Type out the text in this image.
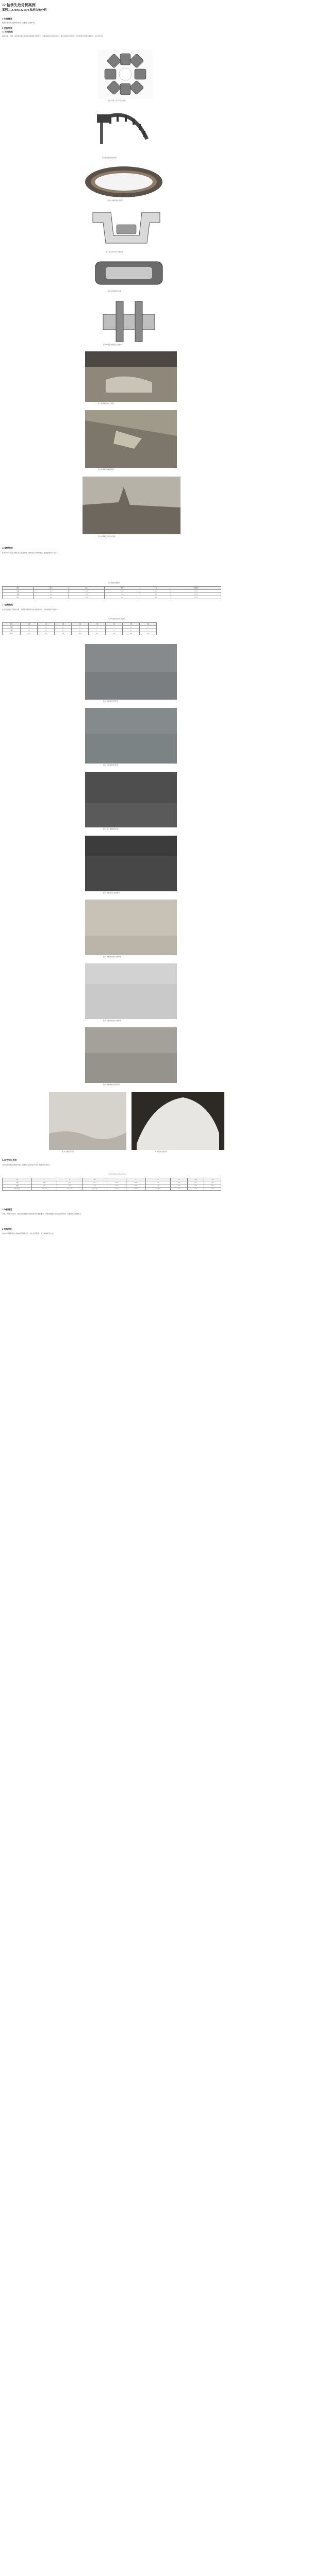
12 轴承失效分析案例
案例二 AJ0065324370 轴承失效分析
1 失效概述
轴承在使用中出现断裂现象，需要进行失效分析。
2 检验结果
2.1 宏观检验
轴承外圈、内圈、保持架及滚动体的宏观形貌如下图所示，外圈滚道存在剥落及裂纹，断口呈疲劳扩展特征，裂纹起源于滚道表面附近，向心部扩展。
图 1 外圈、滚子的宏观形貌
图 2 保持架的宏观形貌
图 3 外圈滚道宏观形貌
图 4 保持架与滚子宏观形貌
图 5 保持架断口形貌
图 6 外圈滚道剥落区宏观形貌
图 7 外圈剥落区放大形貌
图 8 外圈剥落区截面形貌
图 9 外圈裂纹附近区域形貌
2.2 硬度检验
在HR-150A 型洛氏硬度计上测量外圈、内圈和滚动体的硬度，检测结果如下表所示。
表 1 硬度检测结果
部位	测点1	测点2	测点3	平均	标准要求
外圈	61.5	61.3	61.7	61.5	60~64
内圈	61.2	61.5	61.0	61.2	60~64
滚子	62.0	62.3	62.1	62.1	61~65
2.3 金相检验
在光学显微镜下观察外圈、内圈的显微组织及非金属夹杂物，评级结果如下表所示。
表 2 非金属夹杂物评级结果
部位	A细	A粗	B细	B粗	C细	C粗	D细	D粗
外圈	1.0	0.5	0.5	0	0	0	0.5	0
内圈	1.0	0.5	0.5	0	0	0	0.5	0
标准	≤2.5	≤1.5	≤2.0	≤1.0	≤0.5	≤0.5	≤1.0	≤1.0
图 10 外圈显微组织形貌
图 11 内圈显微组织形貌
图 12 滚子显微组织形貌
图 13 外圈剥落区截面组织
图 14 外圈非金属夹杂物形貌
图 15 内圈非金属夹杂物形貌
图 16 外圈渗碳层组织形貌
图 17 外圈裂纹形貌	图 18 裂纹尖端形貌
2.4 化学成分检验
采用直读光谱仪对轴承外圈、内圈进行化学成分分析，结果如下表所示。
表 3 化学成分分析结果（%）
元素	C	Si	Mn	P	S	Cr	Ni	Mo	Cu
外圈	0.98	0.25	0.33	0.012	0.004	1.46	0.05	0.02	0.06
内圈	0.97	0.26	0.34	0.013	0.005	1.48	0.04	0.02	0.05
GB/T 18254	0.95~1.05	0.15~0.35	0.25~0.45	≤0.025	≤0.020	1.40~1.65	≤0.25	≤0.08	≤0.25
3 分析意见
外圈、内圈化学成分、硬度及显微组织均满足相关标准的要求；外圈滚道存在剥落及疲劳裂纹，失效模式为接触疲劳。
4 检验结论
该轴承外圈滚道发生接触疲劳剥落并进一步扩展至断裂，属于接触疲劳失效。
